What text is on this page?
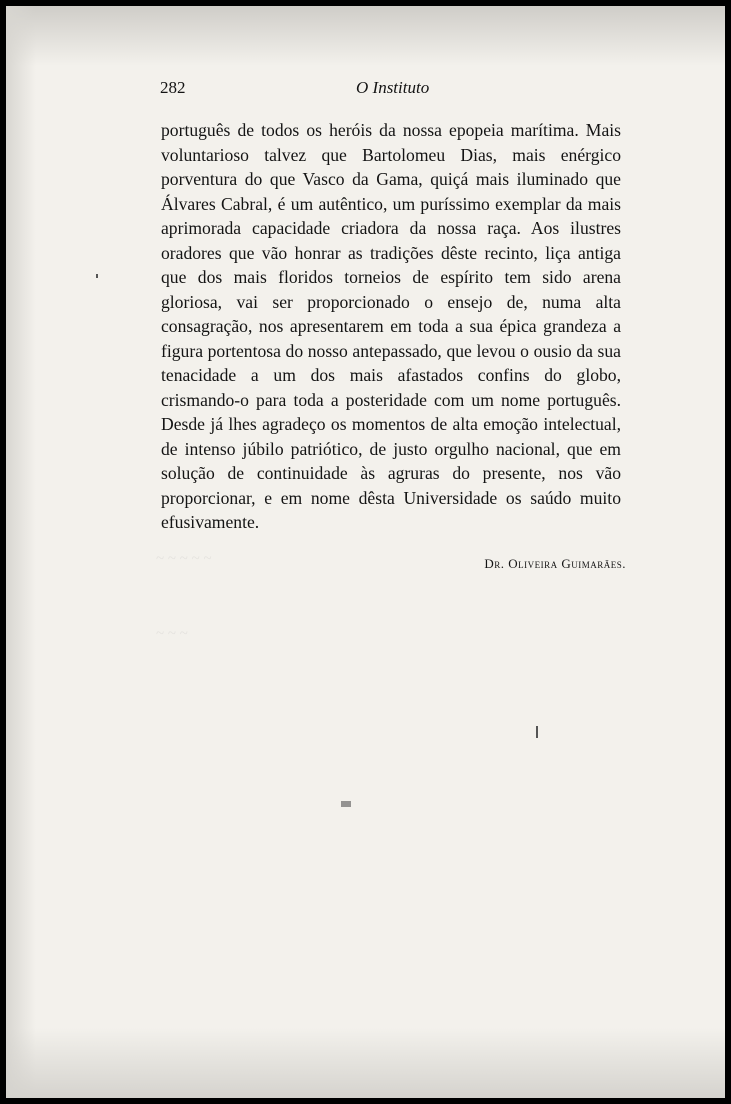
~ ~ ~ ~ ~
~ ~ ~
282	O Instituto

português de todos os heróis da nossa epopeia marítima. Mais voluntarioso talvez que Bartolomeu Dias, mais enérgico porventura do que Vasco da Gama, quiçá mais iluminado que Álvares Cabral, é um autêntico, um puríssimo exemplar da mais aprimorada capacidade criadora da nossa raça. Aos ilustres oradores que vão honrar as tradições dêste recinto, liça antiga que dos mais floridos torneios de espírito tem sido arena gloriosa, vai ser proporcionado o ensejo de, numa alta consagração, nos apresentarem em toda a sua épica grandeza a figura portentosa do nosso antepassado, que levou o ousio da sua tenacidade a um dos mais afastados confins do globo, crismando-o para toda a posteridade com um nome português. Desde já lhes agradeço os momentos de alta emoção intelectual, de intenso júbilo patriótico, de justo orgulho nacional, que em solução de continuidade às agruras do presente, nos vão proporcionar, e em nome dêsta Universidade os saúdo muito efusivamente.

Dr. Oliveira Guimarães.
